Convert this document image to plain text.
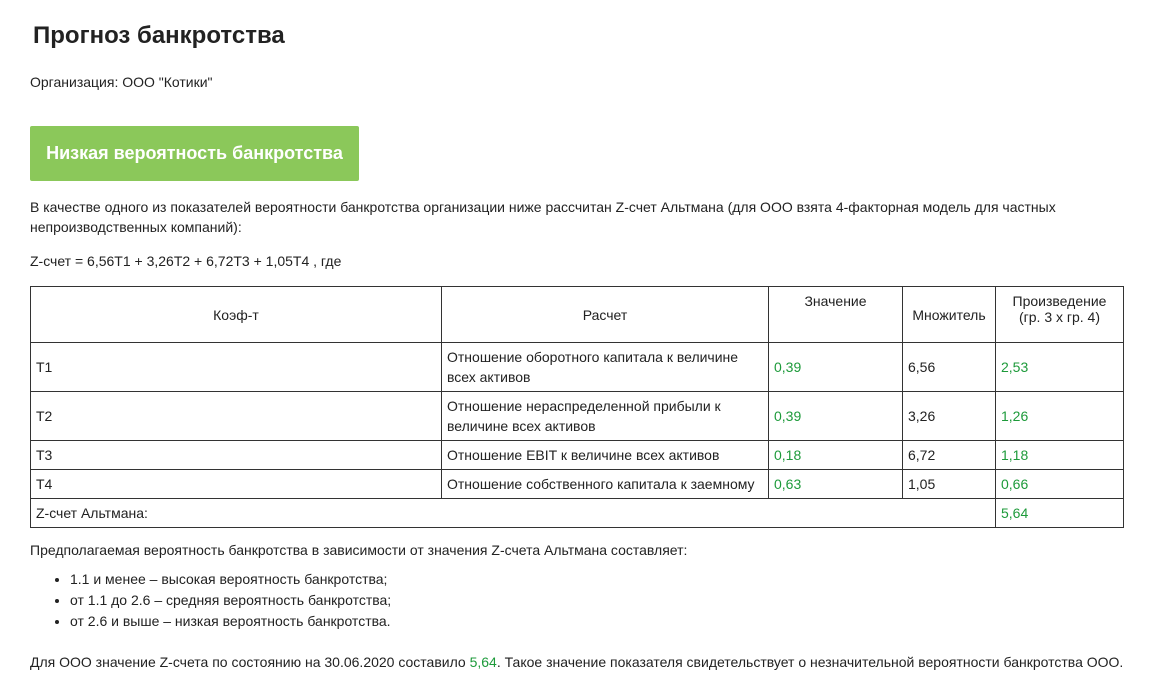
Прогноз банкротства
Организация: ООО "Котики"
Низкая вероятность банкротства
В качестве одного из показателей вероятности банкротства организации ниже рассчитан Z-счет Альтмана (для ООО взята 4-факторная модель для частных непроизводственных компаний):
Z-счет = 6,56T1 + 3,26T2 + 6,72T3 + 1,05T4 , где
Коэф-т	Расчет	Значение	Множитель	Произведение (гр. 3 х гр. 4)
T1	Отношение оборотного капитала к величине всех активов	0,39	6,56	2,53
T2	Отношение нераспределенной прибыли к величине всех активов	0,39	3,26	1,26
T3	Отношение EBIT к величине всех активов	0,18	6,72	1,18
T4	Отношение собственного капитала к заемному	0,63	1,05	0,66
Z-счет Альтмана:				5,64
Предполагаемая вероятность банкротства в зависимости от значения Z-счета Альтмана составляет:
• 1.1 и менее – высокая вероятность банкротства;
• от 1.1 до 2.6 – средняя вероятность банкротства;
• от 2.6 и выше – низкая вероятность банкротства.
Для ООО значение Z-счета по состоянию на 30.06.2020 составило 5,64. Такое значение показателя свидетельствует о незначительной вероятности банкротства ООО.
